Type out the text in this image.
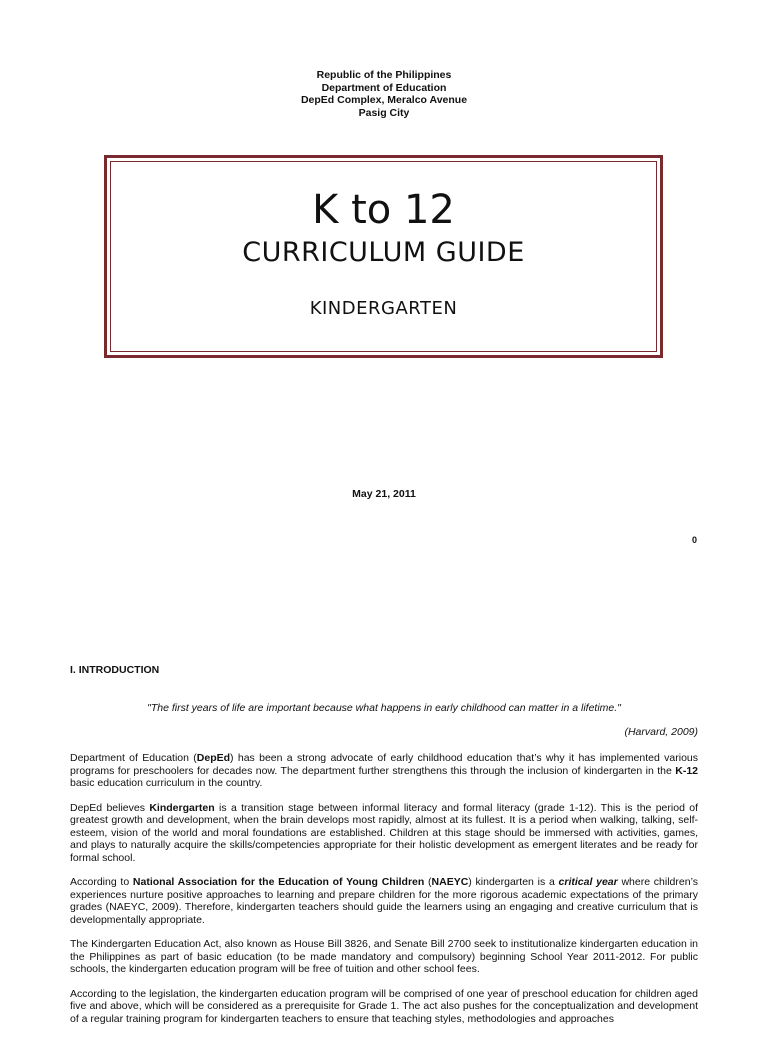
Republic of the Philippines
Department of Education
DepEd Complex, Meralco Avenue
Pasig City
K to 12
CURRICULUM GUIDE
KINDERGARTEN
May 21, 2011
0
I. INTRODUCTION
"The first years of life are important because what happens in early childhood can matter in a lifetime."
(Harvard, 2009)

Department of Education (DepEd) has been a strong advocate of early childhood education that’s why it has implemented various programs for preschoolers for decades now. The department further strengthens this through the inclusion of kindergarten in the K-12 basic education curriculum in the country.

DepEd believes Kindergarten is a transition stage between informal literacy and formal literacy (grade 1-12). This is the period of greatest growth and development, when the brain develops most rapidly, almost at its fullest. It is a period when walking, talking, self-esteem, vision of the world and moral foundations are established. Children at this stage should be immersed with activities, games, and plays to naturally acquire the skills/competencies appropriate for their holistic development as emergent literates and be ready for formal school.

According to National Association for the Education of Young Children (NAEYC) kindergarten is a critical year where children’s experiences nurture positive approaches to learning and prepare children for the more rigorous academic expectations of the primary grades (NAEYC, 2009). Therefore, kindergarten teachers should guide the learners using an engaging and creative curriculum that is developmentally appropriate.

The Kindergarten Education Act, also known as House Bill 3826, and Senate Bill 2700 seek to institutionalize kindergarten education in the Philippines as part of basic education (to be made mandatory and compulsory) beginning School Year 2011-2012. For public schools, the kindergarten education program will be free of tuition and other school fees.

According to the legislation, the kindergarten education program will be comprised of one year of preschool education for children aged five and above, which will be considered as a prerequisite for Grade 1. The act also pushes for the conceptualization and development of a regular training program for kindergarten teachers to ensure that teaching styles, methodologies and approaches
